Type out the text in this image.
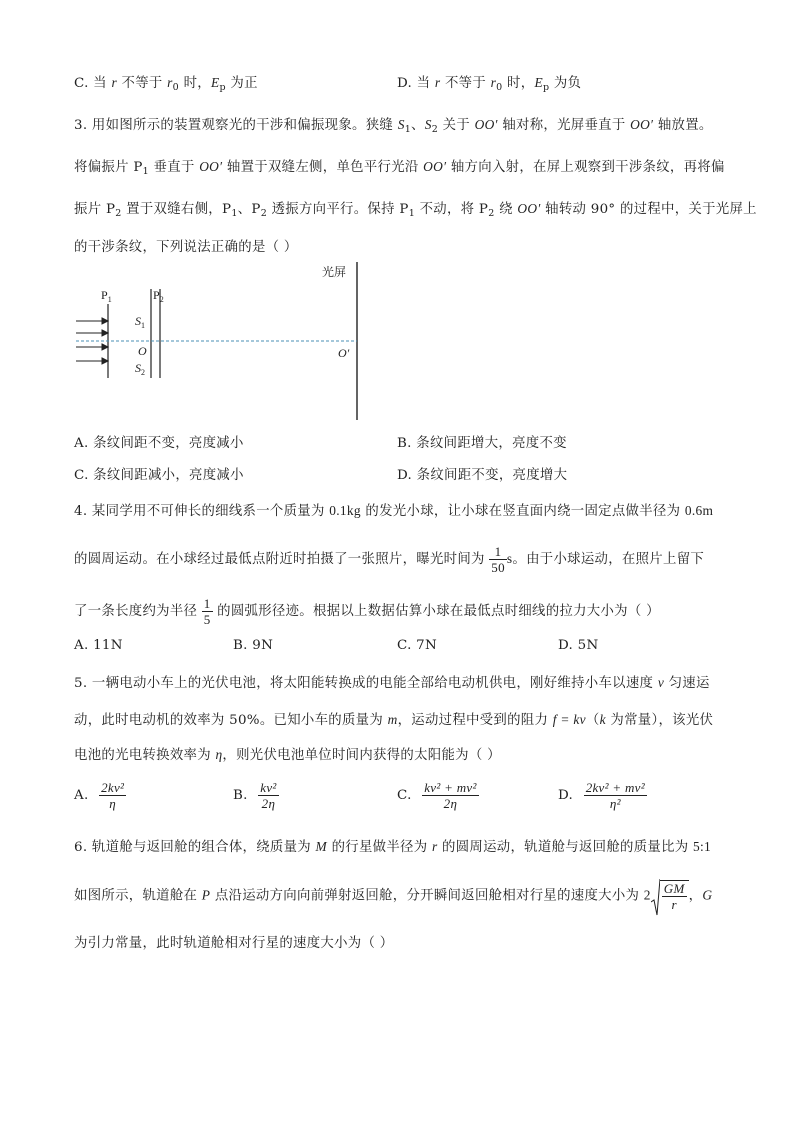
C. 当 r 不等于 $r_0$ 时，$E_p$ 为正	D. 当 r 不等于 $r_0$ 时，$E_p$ 为负
3. 用如图所示的装置观察光的干涉和偏振现象。狭缝 $S_1$、$S_2$ 关于 OO′ 轴对称，光屏垂直于 OO′ 轴放置。
将偏振片 $P_1$ 垂直于 OO′ 轴置于双缝左侧，单色平行光沿 OO′ 轴方向入射，在屏上观察到干涉条纹，再将偏
振片 $P_2$ 置于双缝右侧，$P_1$、$P_2$ 透振方向平行。保持 $P_1$ 不动，将 $P_2$ 绕 OO′ 轴转动 90° 的过程中，关于光屏上
的干涉条纹，下列说法正确的是（ ）
光屏
$P_1$	$P_2$
$S_1$
O
$S_2$
O′
A. 条纹间距不变，亮度减小	B. 条纹间距增大，亮度不变
C. 条纹间距减小，亮度减小	D. 条纹间距不变，亮度增大
4. 某同学用不可伸长的细线系一个质量为 0.1kg 的发光小球，让小球在竖直面内绕一固定点做半径为 0.6m
的圆周运动。在小球经过最低点附近时拍摄了一张照片，曝光时间为 $\frac{1}{50}$ s。由于小球运动，在照片上留下
了一条长度约为半径 $\frac{1}{5}$ 的圆弧形径迹。根据以上数据估算小球在最低点时细线的拉力大小为（ ）
A. 11N	B. 9N	C. 7N	D. 5N
5. 一辆电动小车上的光伏电池，将太阳能转换成的电能全部给电动机供电，刚好维持小车以速度 v 匀速运
动，此时电动机的效率为 50%。已知小车的质量为 m，运动过程中受到的阻力 f = kv（k 为常量），该光伏
电池的光电转换效率为 η，则光伏电池单位时间内获得的太阳能为（ ）
A. $\frac{\text{2kv²}}{\eta}$	B. $\frac{\text{kv²}}{2\eta}$	C. $\frac{\text{kv² + mv²}}{2\eta}$	D. $\frac{\text{2kv² + mv²}}{\text{η²}}$
6. 轨道舱与返回舱的组合体，绕质量为 M 的行星做半径为 r 的圆周运动，轨道舱与返回舱的质量比为 5:1
如图所示，轨道舱在 P 点沿运动方向向前弹射返回舱，分开瞬间返回舱相对行星的速度大小为 $2 \frac{GM}{r}$ ，G
为引力常量，此时轨道舱相对行星的速度大小为（ ）
